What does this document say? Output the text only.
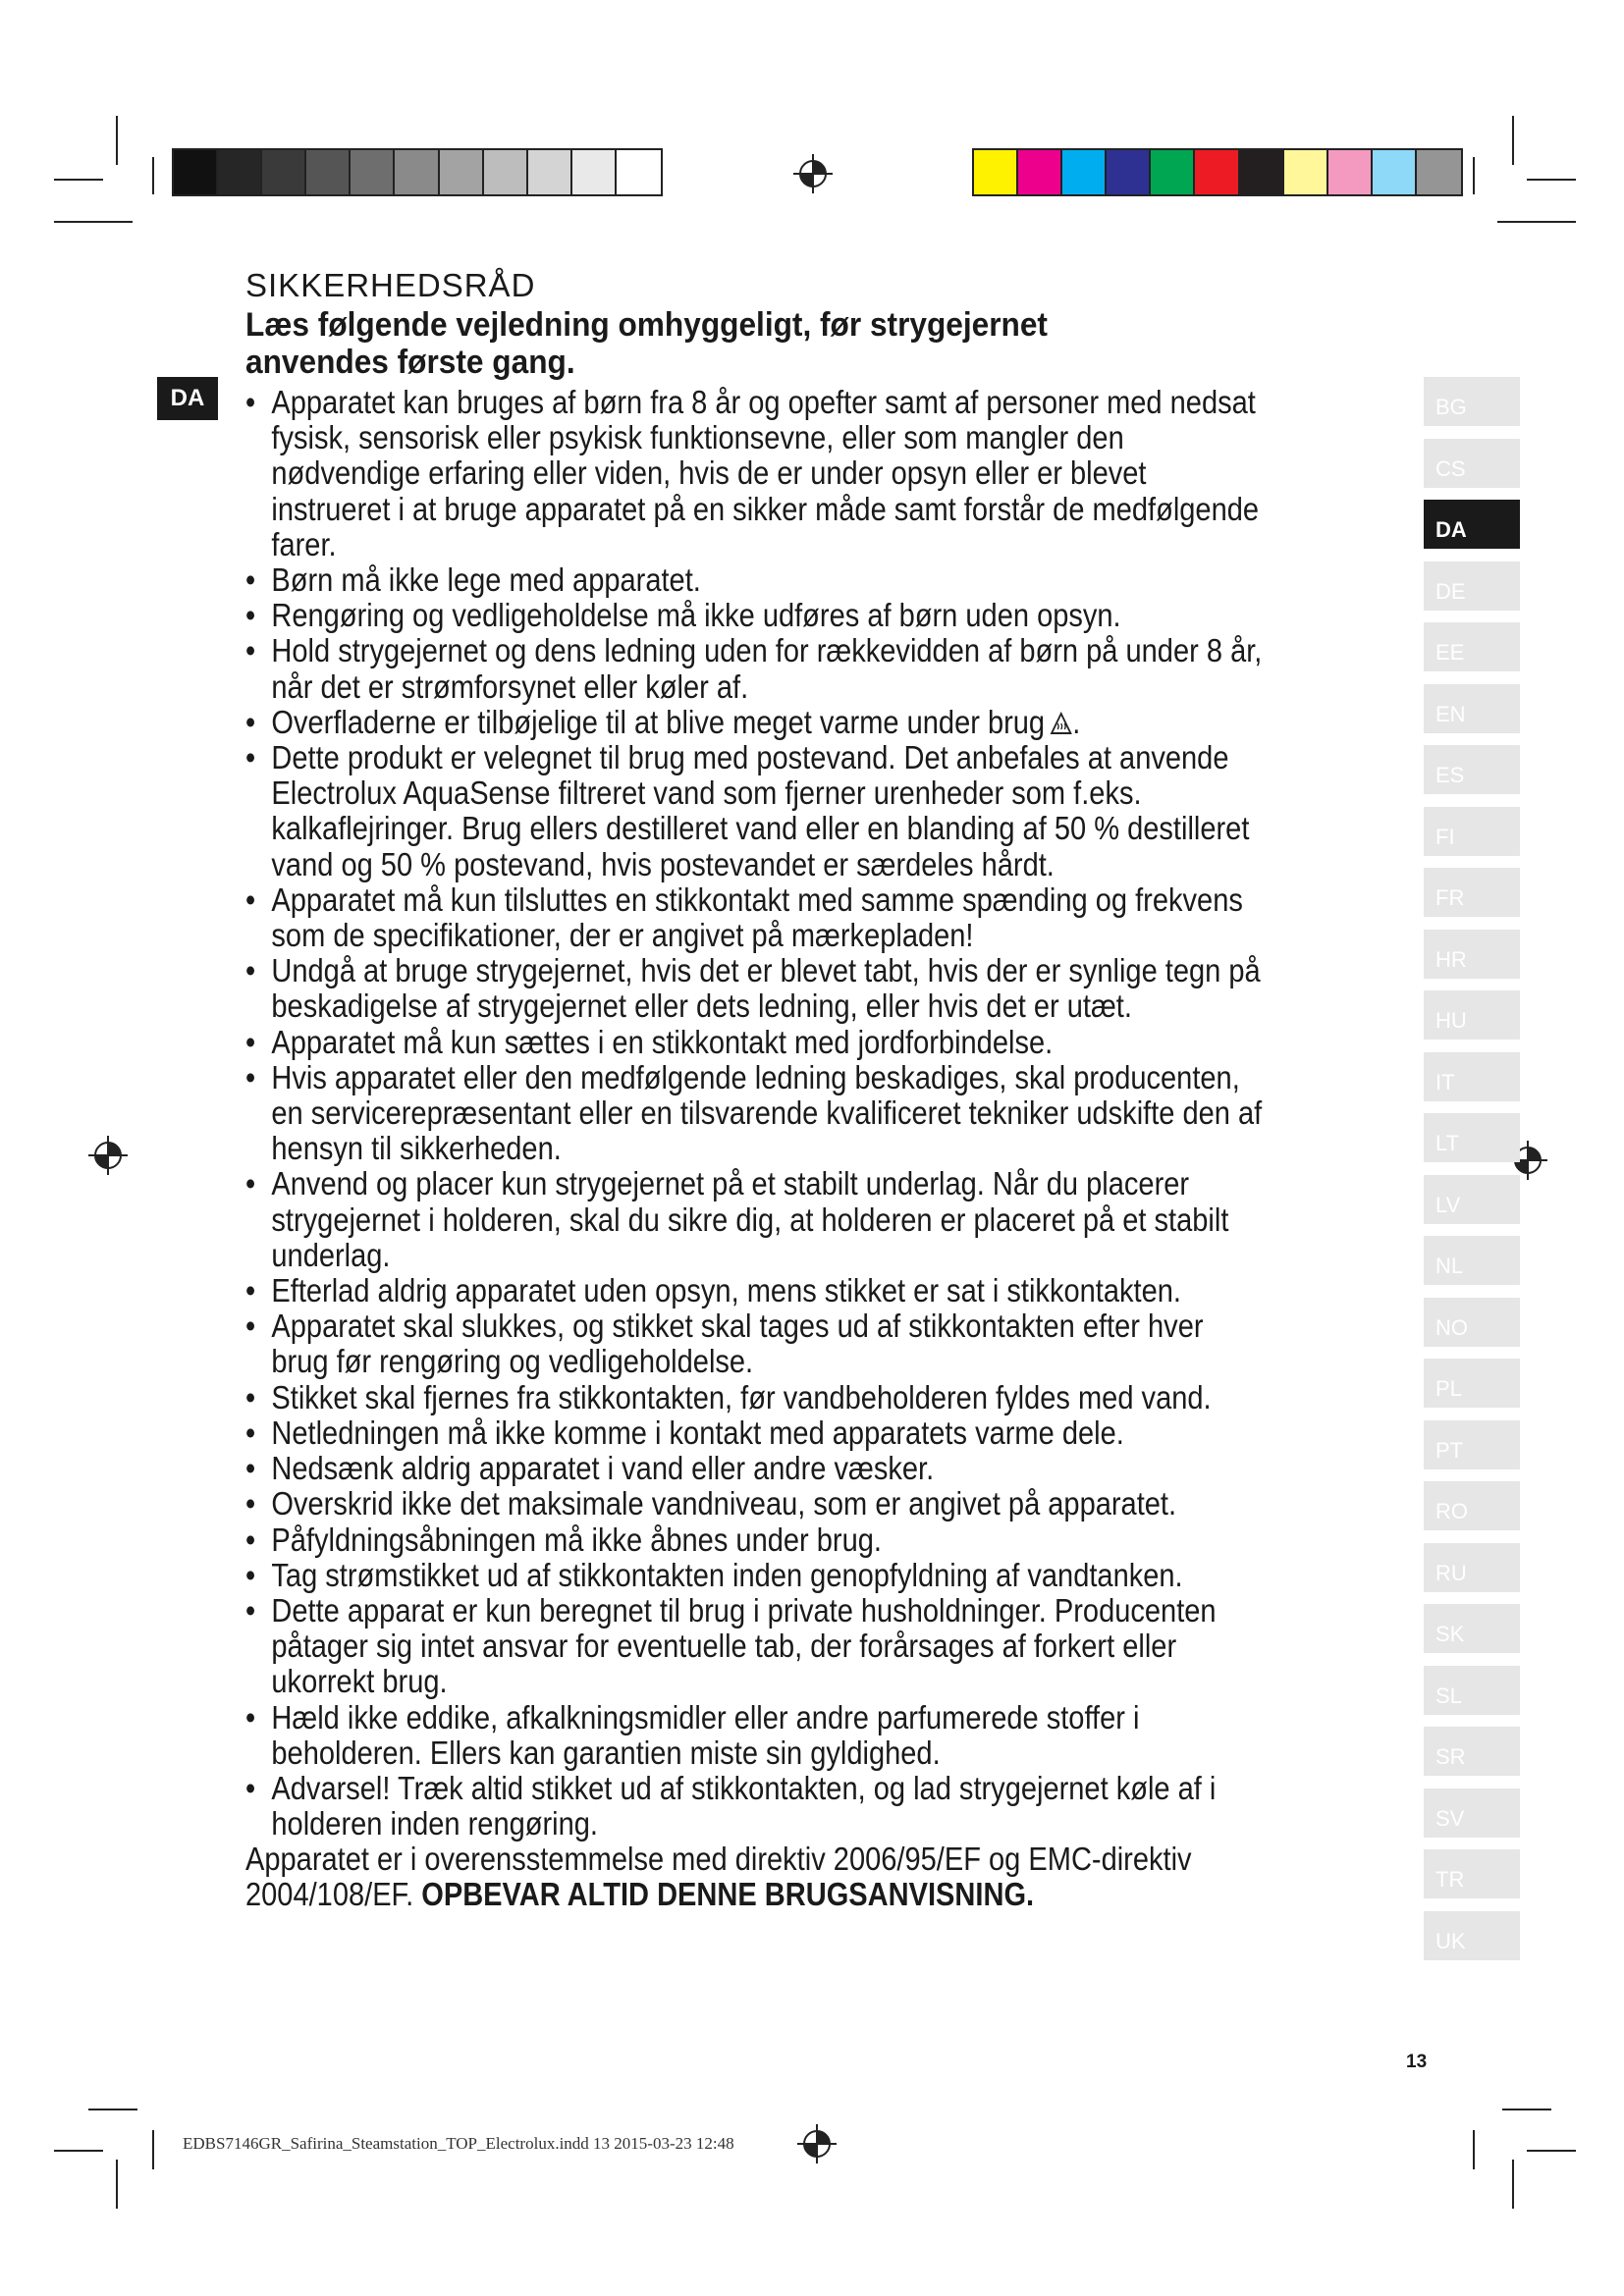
DA
SIKKERHEDSRÅD
Læs følgende vejledning omhyggeligt, før strygejernet anvendes første gang.
• Apparatet kan bruges af børn fra 8 år og opefter samt af personer med nedsat fysisk, sensorisk eller psykisk funktionsevne, eller som mangler den nødvendige erfaring eller viden, hvis de er under opsyn eller er blevet instrueret i at bruge apparatet på en sikker måde samt forstår de medfølgende farer.
• Børn må ikke lege med apparatet.
• Rengøring og vedligeholdelse må ikke udføres af børn uden opsyn.
• Hold strygejernet og dens ledning uden for rækkevidden af børn på under 8 år, når det er strømforsynet eller køler af.
• Overfladerne er tilbøjelige til at blive meget varme under brug .
• Dette produkt er velegnet til brug med postevand. Det anbefales at anvende Electrolux AquaSense filtreret vand som fjerner urenheder som f.eks. kalkaflejringer. Brug ellers destilleret vand eller en blanding af 50 % destilleret vand og 50 % postevand, hvis postevandet er særdeles hårdt.
• Apparatet må kun tilsluttes en stikkontakt med samme spænding og frekvens som de specifikationer, der er angivet på mærkepladen!
• Undgå at bruge strygejernet, hvis det er blevet tabt, hvis der er synlige tegn på beskadigelse af strygejernet eller dets ledning, eller hvis det er utæt.
• Apparatet må kun sættes i en stikkontakt med jordforbindelse.
• Hvis apparatet eller den medfølgende ledning beskadiges, skal producenten, en servicerepræsentant eller en tilsvarende kvalificeret tekniker udskifte den af hensyn til sikkerheden.
• Anvend og placer kun strygejernet på et stabilt underlag. Når du placerer strygejernet i holderen, skal du sikre dig, at holderen er placeret på et stabilt underlag.
• Efterlad aldrig apparatet uden opsyn, mens stikket er sat i stikkontakten.
• Apparatet skal slukkes, og stikket skal tages ud af stikkontakten efter hver brug før rengøring og vedligeholdelse.
• Stikket skal fjernes fra stikkontakten, før vandbeholderen fyldes med vand.
• Netledningen må ikke komme i kontakt med apparatets varme dele.
• Nedsænk aldrig apparatet i vand eller andre væsker.
• Overskrid ikke det maksimale vandniveau, som er angivet på apparatet.
• Påfyldningsåbningen må ikke åbnes under brug.
• Tag strømstikket ud af stikkontakten inden genopfyldning af vandtanken.
• Dette apparat er kun beregnet til brug i private husholdninger. Producenten påtager sig intet ansvar for eventuelle tab, der forårsages af forkert eller ukorrekt brug.
• Hæld ikke eddike, afkalkningsmidler eller andre parfumerede stoffer i beholderen. Ellers kan garantien miste sin gyldighed.
• Advarsel! Træk altid stikket ud af stikkontakten, og lad strygejernet køle af i holderen inden rengøring.
Apparatet er i overensstemmelse med direktiv 2006/95/EF og EMC-direktiv 2004/108/EF. OPBEVAR ALTID DENNE BRUGSANVISNING.
BG
CS
DA
DE
EE
EN
ES
FI
FR
HR
HU
IT
LT
LV
NL
NO
PL
PT
RO
RU
SK
SL
SR
SV
TR
UK
13
EDBS7146GR_Safirina_Steamstation_TOP_Electrolux.indd 13 2015-03-23 12:48
